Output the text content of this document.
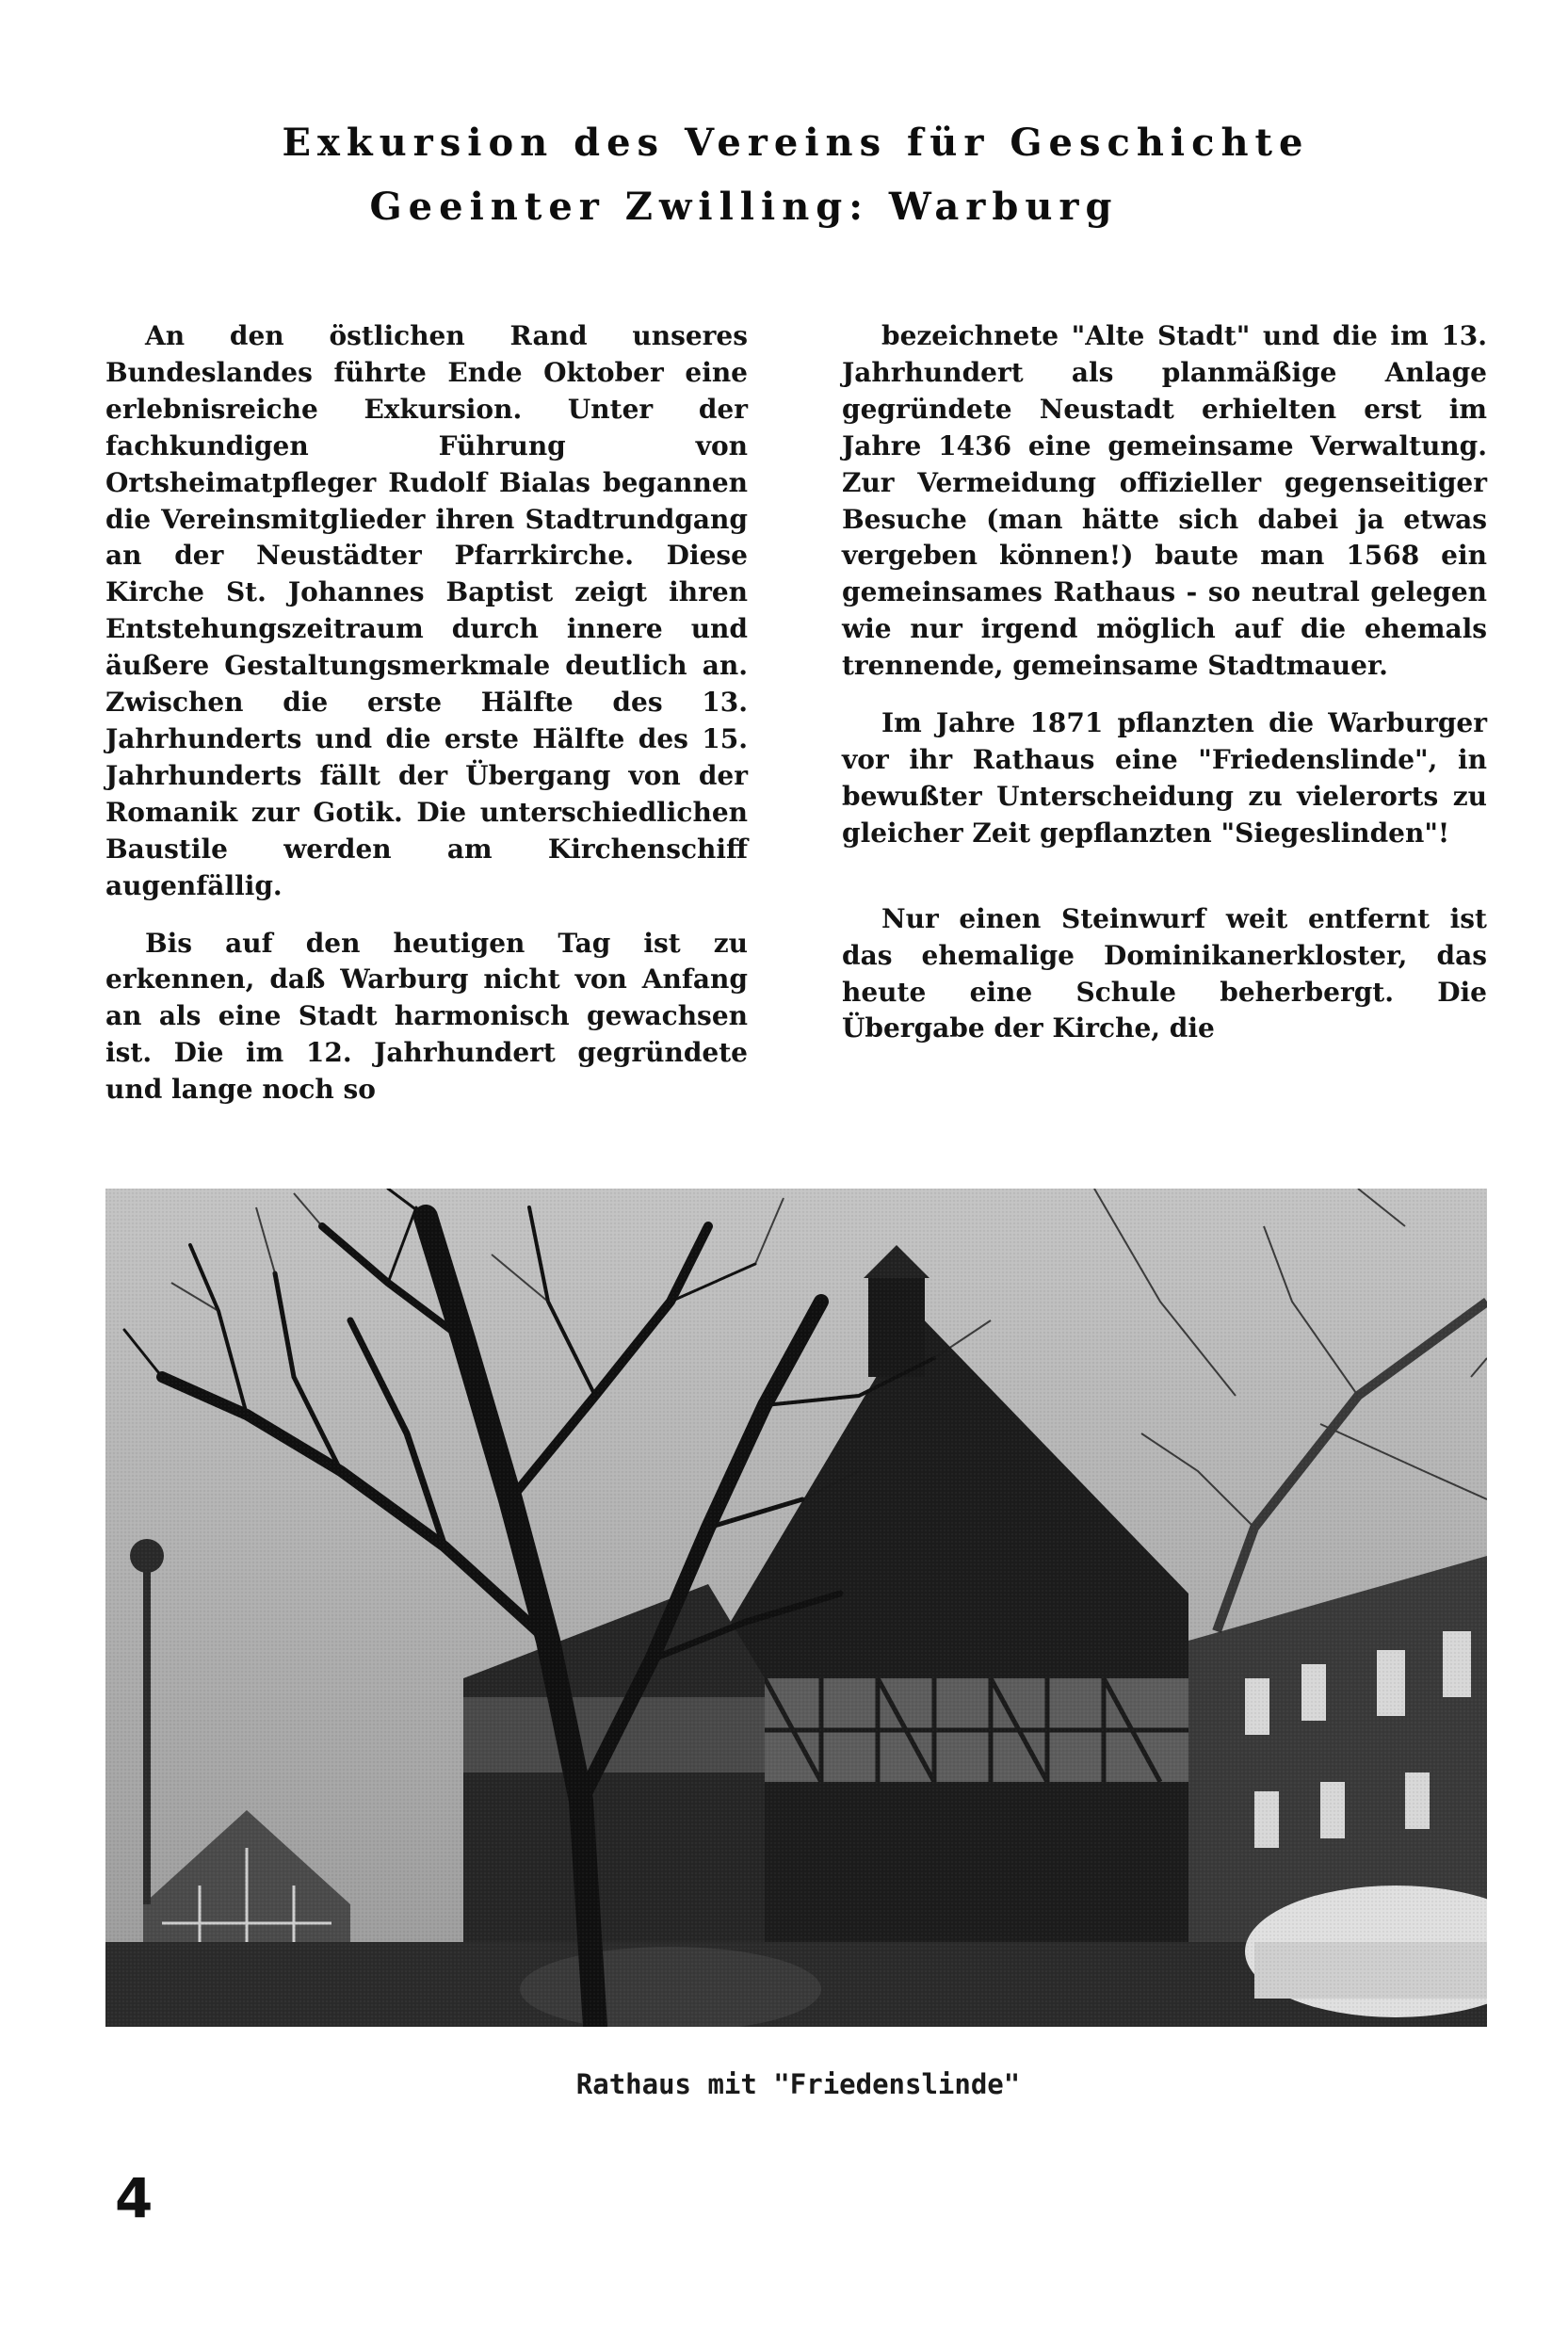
Exkursion des Vereins für Geschichte
Geeinter Zwilling: Warburg

An den östlichen Rand unseres Bundeslandes führte Ende Oktober eine erlebnisreiche Exkursion. Unter der fachkundigen Führung von Ortsheimatpfleger Rudolf Bialas begannen die Vereinsmitglieder ihren Stadtrundgang an der Neustädter Pfarrkirche. Diese Kirche St. Johannes Baptist zeigt ihren Entstehungszeitraum durch innere und äußere Gestaltungsmerkmale deutlich an. Zwischen die erste Hälfte des 13. Jahrhunderts und die erste Hälfte des 15. Jahrhunderts fällt der Übergang von der Romanik zur Gotik. Die unterschiedlichen Baustile werden am Kirchenschiff augenfällig.

Bis auf den heutigen Tag ist zu erkennen, daß Warburg nicht von Anfang an als eine Stadt harmonisch gewachsen ist. Die im 12. Jahrhundert gegründete und lange noch so

bezeichnete "Alte Stadt" und die im 13. Jahrhundert als planmäßige Anlage gegründete Neustadt erhielten erst im Jahre 1436 eine gemeinsame Verwaltung. Zur Vermeidung offizieller gegenseitiger Besuche (man hätte sich dabei ja etwas vergeben können!) baute man 1568 ein gemeinsames Rathaus - so neutral gelegen wie nur irgend möglich auf die ehemals trennende, gemeinsame Stadtmauer.

Im Jahre 1871 pflanzten die Warburger vor ihr Rathaus eine "Friedenslinde", in bewußter Unterscheidung zu vielerorts zu gleicher Zeit gepflanzten "Siegeslinden"!

Nur einen Steinwurf weit entfernt ist das ehemalige Dominikanerkloster, das heute eine Schule beherbergt. Die Übergabe der Kirche, die

Rathaus mit "Friedenslinde"
4
